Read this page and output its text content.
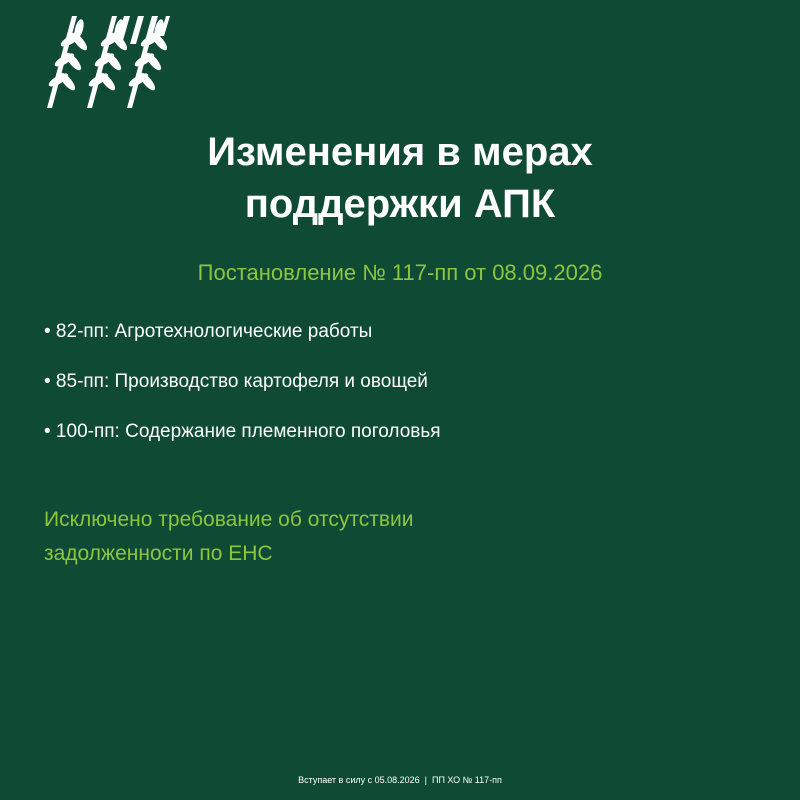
Изменения в мерах
поддержки АПК
Постановление № 117-пп от 08.09.2026
• 82-пп: Агротехнологические работы
• 85-пп: Производство картофеля и овощей
• 100-пп: Содержание племенного поголовья
Исключено требование об отсутствии
задолженности по ЕНС
Вступает в силу с 05.08.2026  |  ПП ХО № 117-пп
